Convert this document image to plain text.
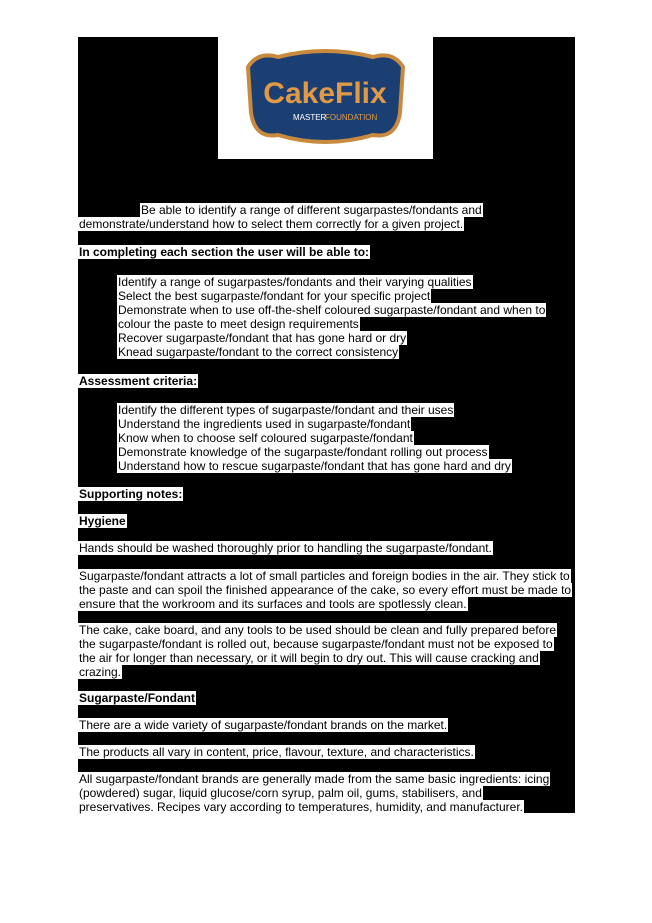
CakeFlix
MASTER
FOUNDATION
Be able to identify a range of different sugarpastes/fondants and
demonstrate/understand how to select them correctly for a given project.
In completing each section the user will be able to:
Identify a range of sugarpastes/fondants and their varying qualities
Select the best sugarpaste/fondant for your specific project
Demonstrate when to use off-the-shelf coloured sugarpaste/fondant and when to
colour the paste to meet design requirements
Recover sugarpaste/fondant that has gone hard or dry
Knead sugarpaste/fondant to the correct consistency
Assessment criteria:
Identify the different types of sugarpaste/fondant and their uses
Understand the ingredients used in sugarpaste/fondant
Know when to choose self coloured sugarpaste/fondant
Demonstrate knowledge of the sugarpaste/fondant rolling out process
Understand how to rescue sugarpaste/fondant that has gone hard and dry
Supporting notes:
Hygiene
Hands should be washed thoroughly prior to handling the sugarpaste/fondant.
Sugarpaste/fondant attracts a lot of small particles and foreign bodies in the air. They stick to
the paste and can spoil the finished appearance of the cake, so every effort must be made to
ensure that the workroom and its surfaces and tools are spotlessly clean.
The cake, cake board, and any tools to be used should be clean and fully prepared before
the sugarpaste/fondant is rolled out, because sugarpaste/fondant must not be exposed to
the air for longer than necessary, or it will begin to dry out. This will cause cracking and
crazing.
Sugarpaste/Fondant
There are a wide variety of sugarpaste/fondant brands on the market.
The products all vary in content, price, flavour, texture, and characteristics.
All sugarpaste/fondant brands are generally made from the same basic ingredients: icing
(powdered) sugar, liquid glucose/corn syrup, palm oil, gums, stabilisers, and
preservatives. Recipes vary according to temperatures, humidity, and manufacturer.
